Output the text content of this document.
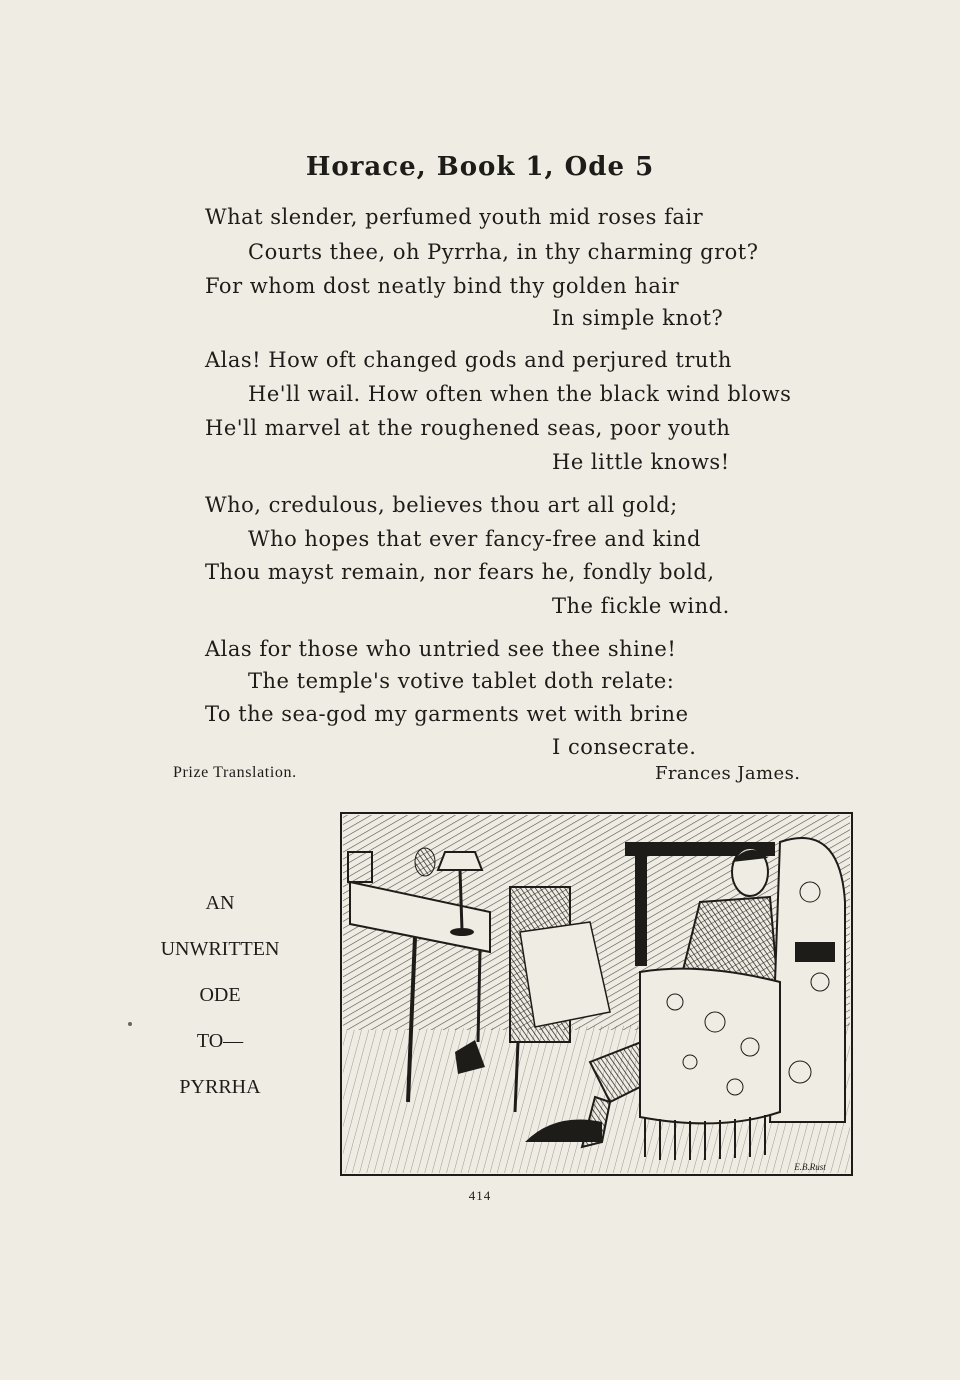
Horace, Book 1, Ode 5
What slender, perfumed youth mid roses fair
Courts thee, oh Pyrrha, in thy charming grot?
For whom dost neatly bind thy golden hair
In simple knot?
Alas! How oft changed gods and perjured truth
He'll wail. How often when the black wind blows
He'll marvel at the roughened seas, poor youth
He little knows!
Who, credulous, believes thou art all gold;
Who hopes that ever fancy-free and kind
Thou mayst remain, nor fears he, fondly bold,
The fickle wind.
Alas for those who untried see thee shine!
The temple's votive tablet doth relate:
To the sea-god my garments wet with brine
I consecrate.
Prize Translation.	Frances James.
AN
UNWRITTEN
ODE
TO—
PYRRHA
E.B.Rust
414
